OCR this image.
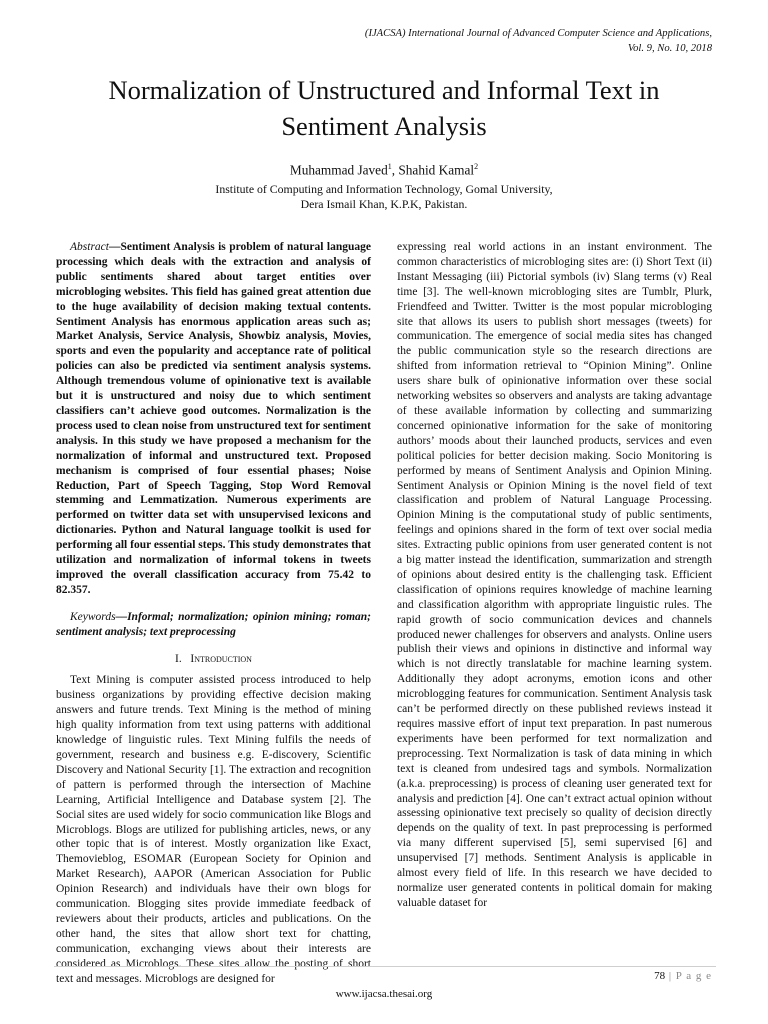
(IJACSA) International Journal of Advanced Computer Science and Applications,
Vol. 9, No. 10, 2018
Normalization of Unstructured and Informal Text in
Sentiment Analysis
Muhammad Javed$^1$, Shahid Kamal$^2$
Institute of Computing and Information Technology, Gomal University,
Dera Ismail Khan, K.P.K, Pakistan.

Abstract—Sentiment Analysis is problem of natural language processing which deals with the extraction and analysis of public sentiments shared about target entities over microbloging websites. This field has gained great attention due to the huge availability of decision making textual contents. Sentiment Analysis has enormous application areas such as; Market Analysis, Service Analysis, Showbiz analysis, Movies, sports and even the popularity and acceptance rate of political policies can also be predicted via sentiment analysis systems. Although tremendous volume of opinionative text is available but it is unstructured and noisy due to which sentiment classifiers can’t achieve good outcomes. Normalization is the process used to clean noise from unstructured text for sentiment analysis. In this study we have proposed a mechanism for the normalization of informal and unstructured text. Proposed mechanism is comprised of four essential phases; Noise Reduction, Part of Speech Tagging, Stop Word Removal stemming and Lemmatization. Numerous experiments are performed on twitter data set with unsupervised lexicons and dictionaries. Python and Natural language toolkit is used for performing all four essential steps. This study demonstrates that utilization and normalization of informal tokens in tweets improved the overall classification accuracy from 75.42 to 82.357.

Keywords—Informal; normalization; opinion mining; roman; sentiment analysis; text preprocessing

I. Introduction

Text Mining is computer assisted process introduced to help business organizations by providing effective decision making answers and future trends. Text Mining is the method of mining high quality information from text using patterns with additional knowledge of linguistic rules. Text Mining fulfils the needs of government, research and business e.g. E-discovery, Scientific Discovery and National Security [1]. The extraction and recognition of pattern is performed through the intersection of Machine Learning, Artificial Intelligence and Database system [2]. The Social sites are used widely for socio communication like Blogs and Microblogs. Blogs are utilized for publishing articles, news, or any other topic that is of interest. Mostly organization like Exact, Themovieblog, ESOMAR (European Society for Opinion and Market Research), AAPOR (American Association for Public Opinion Research) and individuals have their own blogs for communication. Blogging sites provide immediate feedback of reviewers about their products, articles and publications. On the other hand, the sites that allow short text for chatting, communication, exchanging views about their interests are considered as Microblogs. These sites allow the posting of short text and messages. Microblogs are designed for

expressing real world actions in an instant environment. The common characteristics of microbloging sites are: (i) Short Text (ii) Instant Messaging (iii) Pictorial symbols (iv) Slang terms (v) Real time [3]. The well-known microbloging sites are Tumblr, Plurk, Friendfeed and Twitter. Twitter is the most popular microbloging site that allows its users to publish short messages (tweets) for communication. The emergence of social media sites has changed the public communication style so the research directions are shifted from information retrieval to “Opinion Mining”. Online users share bulk of opinionative information over these social networking websites so observers and analysts are taking advantage of these available information by collecting and summarizing concerned opinionative information for the sake of monitoring authors’ moods about their launched products, services and even political policies for better decision making. Socio Monitoring is performed by means of Sentiment Analysis and Opinion Mining. Sentiment Analysis or Opinion Mining is the novel field of text classification and problem of Natural Language Processing. Opinion Mining is the computational study of public sentiments, feelings and opinions shared in the form of text over social media sites. Extracting public opinions from user generated content is not a big matter instead the identification, summarization and strength of opinions about desired entity is the challenging task. Efficient classification of opinions requires knowledge of machine learning and classification algorithm with appropriate linguistic rules. The rapid growth of socio communication devices and channels produced newer challenges for observers and analysts. Online users publish their views and opinions in distinctive and informal way which is not directly translatable for machine learning system. Additionally they adopt acronyms, emotion icons and other microblogging features for communication. Sentiment Analysis task can’t be performed directly on these published reviews instead it requires massive effort of input text preparation. In past numerous experiments have been performed for text normalization and preprocessing. Text Normalization is task of data mining in which text is cleaned from undesired tags and symbols. Normalization (a.k.a. preprocessing) is process of cleaning user generated text for analysis and prediction [4]. One can’t extract actual opinion without assessing opinionative text precisely so quality of decision directly depends on the quality of text. In past preprocessing is performed via many different supervised [5], semi supervised [6] and unsupervised [7] methods. Sentiment Analysis is applicable in almost every field of life. In this research we have decided to normalize user generated contents in political domain for making valuable dataset for

78 | P a g e
www.ijacsa.thesai.org
